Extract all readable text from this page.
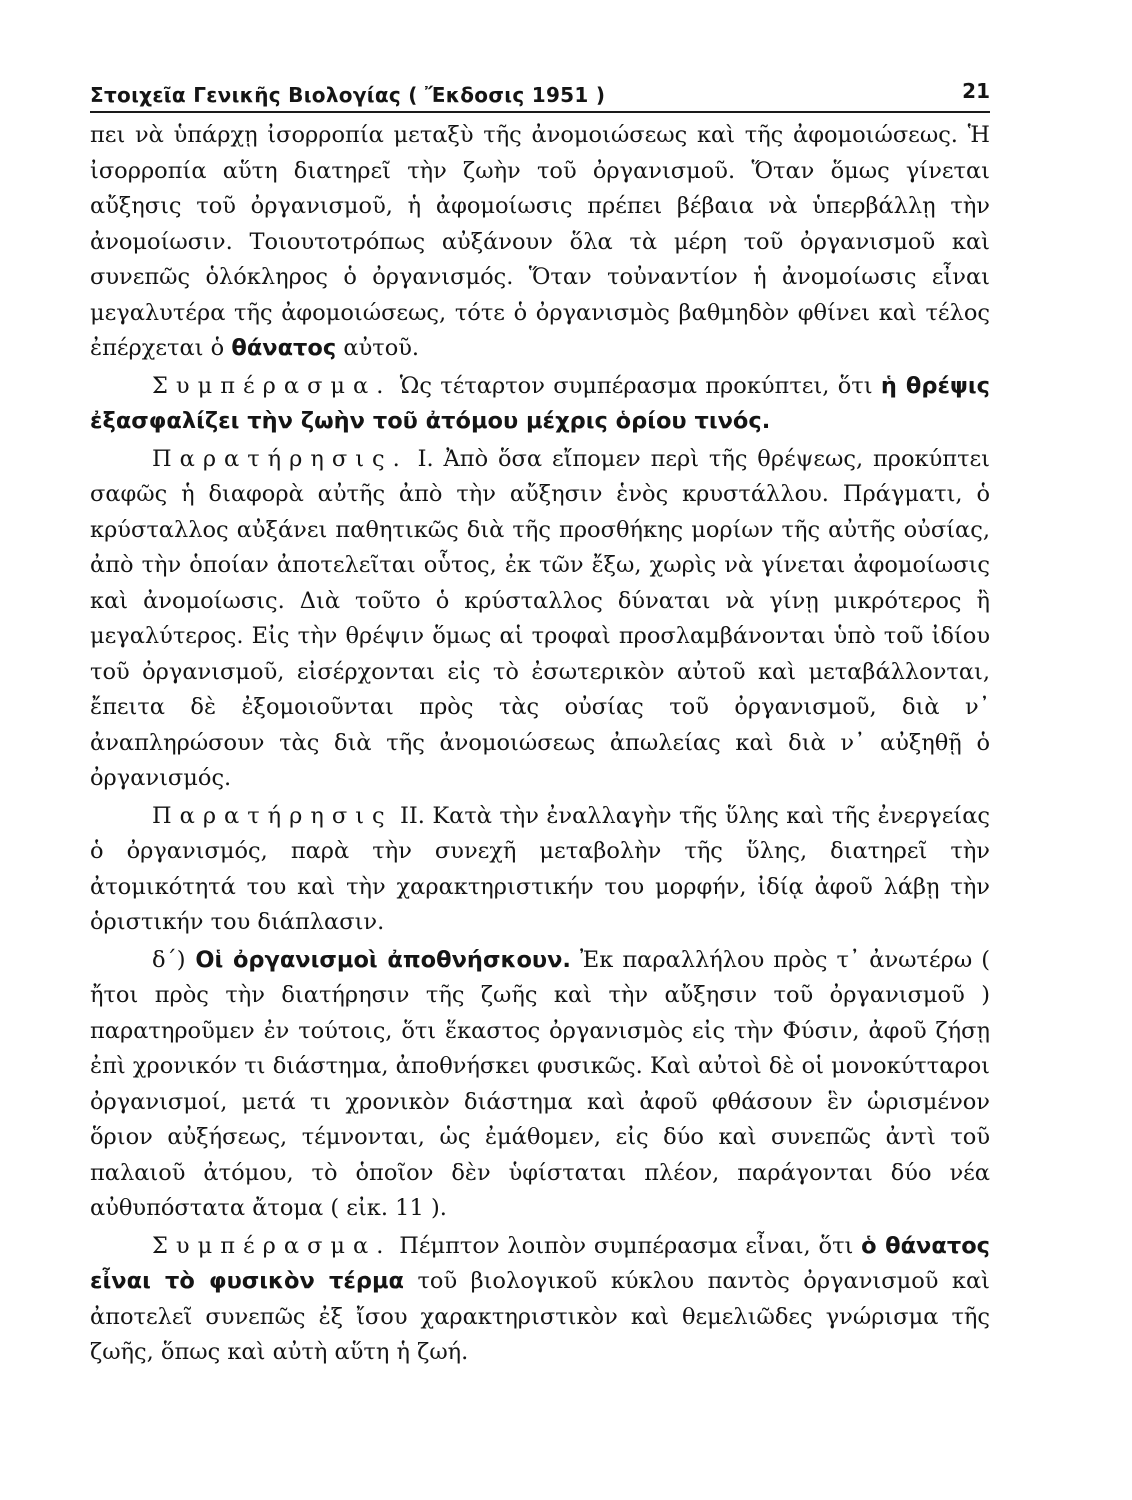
Στοιχεῖα Γενικῆς Βιολογίας ( Ἔκδοσις 1951 )	21

πει νὰ ὑπάρχῃ ἰσορροπία μεταξὺ τῆς ἀνομοιώσεως καὶ τῆς ἀφομοιώσεως. Ἡ ἰσορροπία αὕτη διατηρεῖ τὴν ζωὴν τοῦ ὀργανισμοῦ. Ὅταν ὅμως γίνεται αὔξησις τοῦ ὀργανισμοῦ, ἡ ἀφομοίωσις πρέπει βέβαια νὰ ὑπερβάλλῃ τὴν ἀνομοίωσιν. Τοιουτοτρόπως αὐξάνουν ὅλα τὰ μέρη τοῦ ὀργανισμοῦ καὶ συνεπῶς ὁλόκληρος ὁ ὀργανισμός. Ὅταν τοὐναντίον ἡ ἀνομοίωσις εἶναι μεγαλυτέρα τῆς ἀφομοιώσεως, τότε ὁ ὀργανισμὸς βαθμηδὸν φθίνει καὶ τέλος ἐπέρχεται ὁ θάνατος αὐτοῦ.

Συμπέρασμα. Ὡς τέταρτον συμπέρασμα προκύπτει, ὅτι ἡ θρέψις ἐξασφαλίζει τὴν ζωὴν τοῦ ἀτόμου μέχρις ὁρίου τινός.

Παρατήρησις. Ι. Ἀπὸ ὅσα εἴπομεν περὶ τῆς θρέψεως, προκύπτει σαφῶς ἡ διαφορὰ αὐτῆς ἀπὸ τὴν αὔξησιν ἑνὸς κρυστάλλου. Πράγματι, ὁ κρύσταλλος αὐξάνει παθητικῶς διὰ τῆς προσθήκης μορίων τῆς αὐτῆς οὐσίας, ἀπὸ τὴν ὁποίαν ἀποτελεῖται οὗτος, ἐκ τῶν ἔξω, χωρὶς νὰ γίνεται ἀφομοίωσις καὶ ἀνομοίωσις. Διὰ τοῦτο ὁ κρύσταλλος δύναται νὰ γίνῃ μικρότερος ἢ μεγαλύτερος. Εἰς τὴν θρέψιν ὅμως αἱ τροφαὶ προσλαμβάνονται ὑπὸ τοῦ ἰδίου τοῦ ὀργανισμοῦ, εἰσέρχονται εἰς τὸ ἐσωτερικὸν αὐτοῦ καὶ μεταβάλλονται, ἔπειτα δὲ ἐξομοιοῦνται πρὸς τὰς οὐσίας τοῦ ὀργανισμοῦ, διὰ ν᾿ ἀναπληρώσουν τὰς διὰ τῆς ἀνομοιώσεως ἀπωλείας καὶ διὰ ν᾿ αὐξηθῇ ὁ ὀργανισμός.

Παρατήρησις ΙΙ. Κατὰ τὴν ἐναλλαγὴν τῆς ὕλης καὶ τῆς ἐνεργείας ὁ ὀργανισμός, παρὰ τὴν συνεχῆ μεταβολὴν τῆς ὕλης, διατηρεῖ τὴν ἀτομικότητά του καὶ τὴν χαρακτηριστικήν του μορφήν, ἰδίᾳ ἀφοῦ λάβῃ τὴν ὁριστικήν του διάπλασιν.

δ΄) Οἱ ὀργανισμοὶ ἀποθνήσκουν. Ἐκ παραλλήλου πρὸς τ᾿ ἀνωτέρω ( ἤτοι πρὸς τὴν διατήρησιν τῆς ζωῆς καὶ τὴν αὔξησιν τοῦ ὀργανισμοῦ ) παρατηροῦμεν ἐν τούτοις, ὅτι ἕκαστος ὀργανισμὸς εἰς τὴν Φύσιν, ἀφοῦ ζήσῃ ἐπὶ χρονικόν τι διάστημα, ἀποθνήσκει φυσικῶς. Καὶ αὐτοὶ δὲ οἱ μονοκύτταροι ὀργανισμοί, μετά τι χρονικὸν διάστημα καὶ ἀφοῦ φθάσουν ἓν ὡρισμένον ὅριον αὐξήσεως, τέμνονται, ὡς ἐμάθομεν, εἰς δύο καὶ συνεπῶς ἀντὶ τοῦ παλαιοῦ ἀτόμου, τὸ ὁποῖον δὲν ὑφίσταται πλέον, παράγονται δύο νέα αὐθυπόστατα ἄτομα ( εἰκ. 11 ).

Συμπέρασμα. Πέμπτον λοιπὸν συμπέρασμα εἶναι, ὅτι ὁ θάνατος εἶναι τὸ φυσικὸν τέρμα τοῦ βιολογικοῦ κύκλου παντὸς ὀργανισμοῦ καὶ ἀποτελεῖ συνεπῶς ἐξ ἴσου χαρακτηριστικὸν καὶ θεμελιῶδες γνώρισμα τῆς ζωῆς, ὅπως καὶ αὐτὴ αὕτη ἡ ζωή.
